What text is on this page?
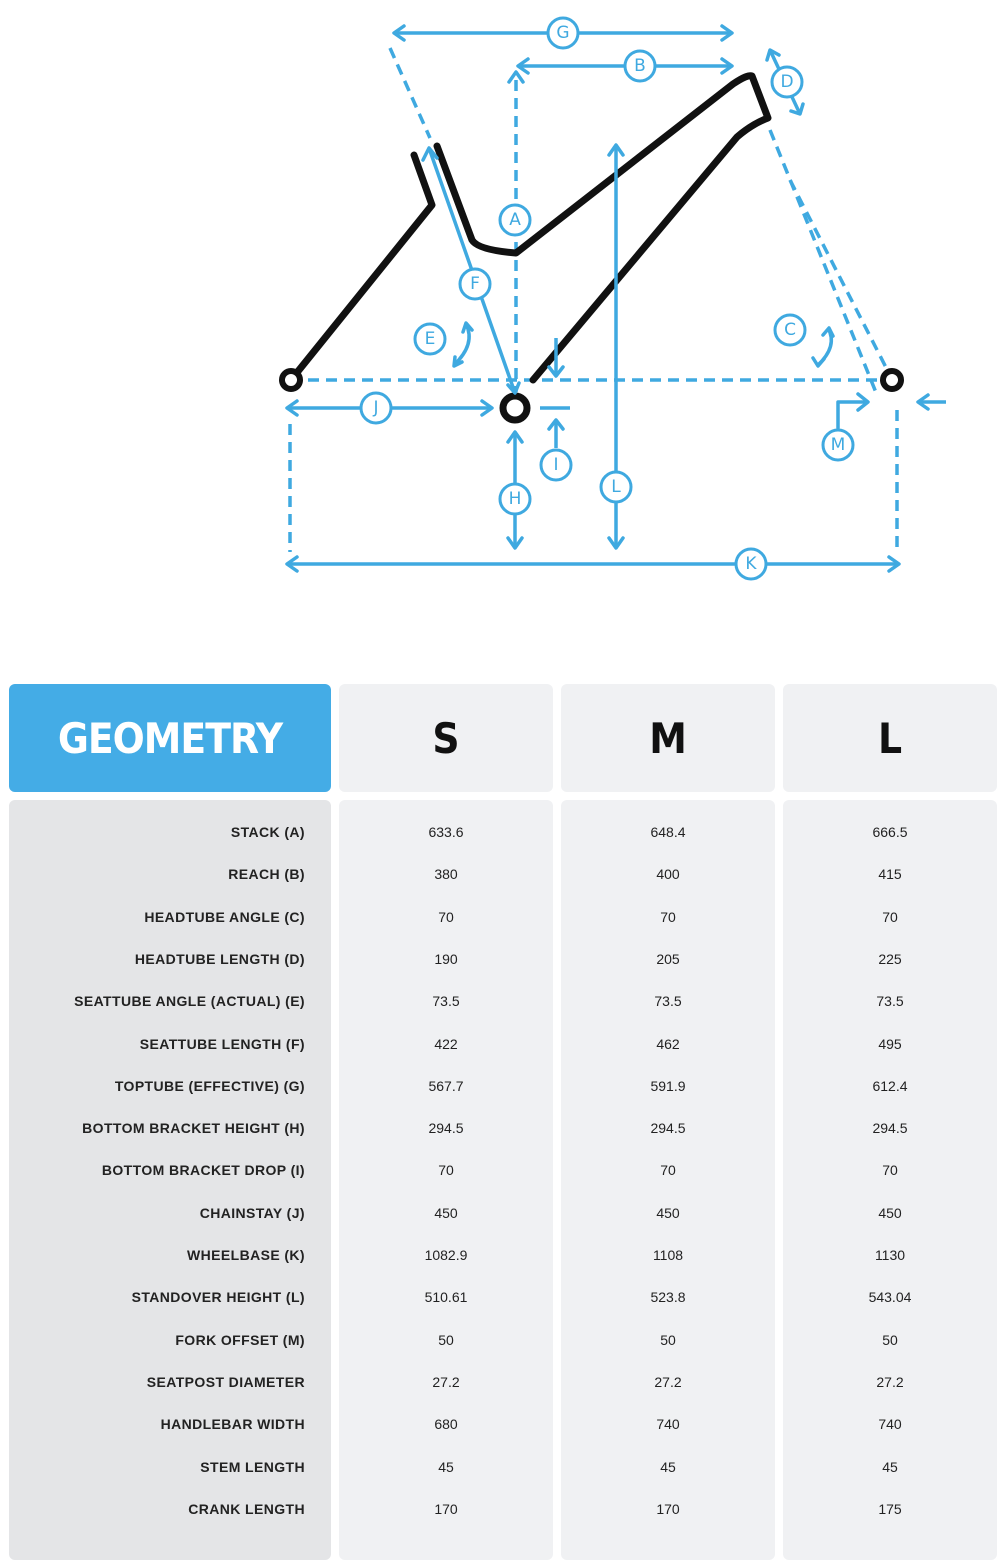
G
B
D
A
F
E	C
J
M
I
L
H
K
GEOMETRY
STACK (A)
REACH (B)
HEADTUBE ANGLE (C)
HEADTUBE LENGTH (D)
SEATTUBE ANGLE (ACTUAL) (E)
SEATTUBE LENGTH (F)
TOPTUBE (EFFECTIVE) (G)
BOTTOM BRACKET HEIGHT (H)
BOTTOM BRACKET DROP (I)
CHAINSTAY (J)
WHEELBASE (K)
STANDOVER HEIGHT (L)
FORK OFFSET (M)
SEATPOST DIAMETER
HANDLEBAR WIDTH
STEM LENGTH
CRANK LENGTH
S
633.6
380
70
190
73.5
422
567.7
294.5
70
450
1082.9
510.61
50
27.2
680
45
170
M
648.4
400
70
205
73.5
462
591.9
294.5
70
450
1108
523.8
50
27.2
740
45
170
L
666.5
415
70
225
73.5
495
612.4
294.5
70
450
1130
543.04
50
27.2
740
45
175
